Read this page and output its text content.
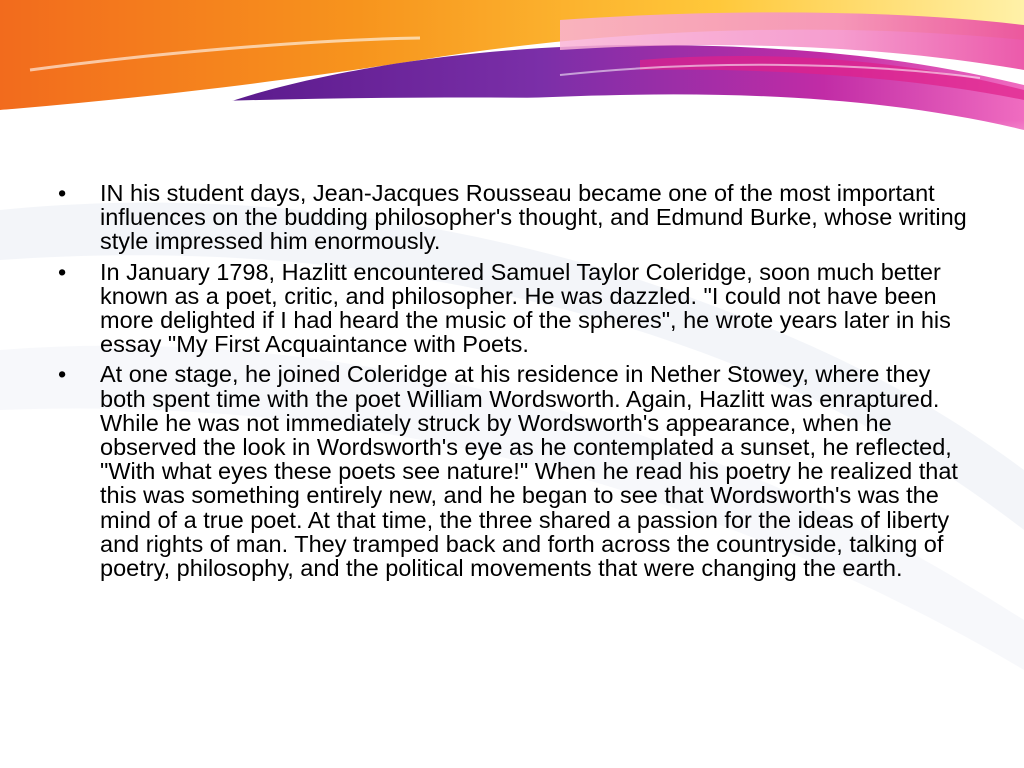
• IN his student days, Jean-Jacques Rousseau became one of the most important influences on the budding philosopher's thought, and Edmund Burke, whose writing style impressed him enormously.
• In January 1798, Hazlitt encountered Samuel Taylor Coleridge, soon much better known as a poet, critic, and philosopher. He was dazzled. "I could not have been more delighted if I had heard the music of the spheres", he wrote years later in his essay "My First Acquaintance with Poets.
• At one stage, he joined Coleridge at his residence in Nether Stowey, where they both spent time with the poet William Wordsworth. Again, Hazlitt was enraptured. While he was not immediately struck by Wordsworth's appearance, when he observed the look in Wordsworth's eye as he contemplated a sunset, he reflected, "With what eyes these poets see nature!" When he read his poetry he realized that this was something entirely new, and he began to see that Wordsworth's was the mind of a true poet. At that time, the three shared a passion for the ideas of liberty and rights of man. They tramped back and forth across the countryside, talking of poetry, philosophy, and the political movements that were changing the earth.
